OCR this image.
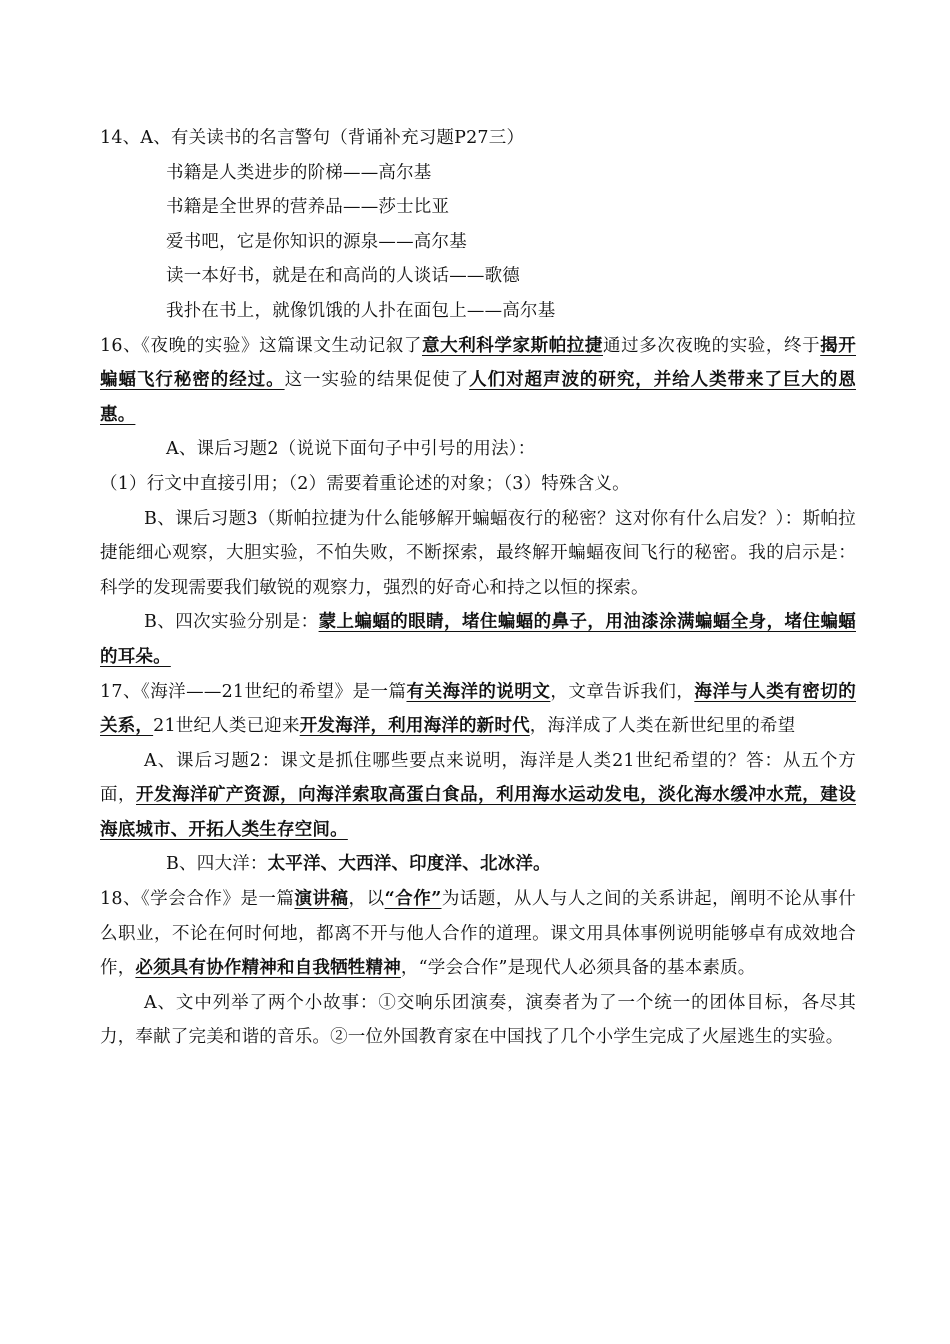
14、A、有关读书的名言警句（背诵补充习题P27三）

书籍是人类进步的阶梯——高尔基

书籍是全世界的营养品——莎士比亚

爱书吧，它是你知识的源泉——高尔基

读一本好书，就是在和高尚的人谈话——歌德

我扑在书上，就像饥饿的人扑在面包上——高尔基

16、《夜晚的实验》这篇课文生动记叙了意大利科学家斯帕拉捷通过多次夜晚的实验，终于揭开蝙蝠飞行秘密的经过。这一实验的结果促使了人们对超声波的研究，并给人类带来了巨大的恩惠。

A、课后习题2（说说下面句子中引号的用法）：

（1）行文中直接引用；（2）需要着重论述的对象；（3）特殊含义。

B、课后习题3（斯帕拉捷为什么能够解开蝙蝠夜行的秘密？这对你有什么启发？）：斯帕拉捷能细心观察，大胆实验，不怕失败，不断探索，最终解开蝙蝠夜间飞行的秘密。我的启示是：科学的发现需要我们敏锐的观察力，强烈的好奇心和持之以恒的探索。

B、四次实验分别是：蒙上蝙蝠的眼睛，堵住蝙蝠的鼻子，用油漆涂满蝙蝠全身，堵住蝙蝠的耳朵。

17、《海洋——21世纪的希望》是一篇有关海洋的说明文，文章告诉我们，海洋与人类有密切的关系，21世纪人类已迎来开发海洋，利用海洋的新时代，海洋成了人类在新世纪里的希望

A、课后习题2：课文是抓住哪些要点来说明，海洋是人类21世纪希望的？答：从五个方面，开发海洋矿产资源，向海洋索取高蛋白食品，利用海水运动发电，淡化海水缓冲水荒，建设海底城市、开拓人类生存空间。

B、四大洋：太平洋、大西洋、印度洋、北冰洋。

18、《学会合作》是一篇演讲稿，以“合作”为话题，从人与人之间的关系讲起，阐明不论从事什么职业，不论在何时何地，都离不开与他人合作的道理。课文用具体事例说明能够卓有成效地合作，必须具有协作精神和自我牺牲精神，“学会合作”是现代人必须具备的基本素质。

A、文中列举了两个小故事：①交响乐团演奏，演奏者为了一个统一的团体目标，各尽其力，奉献了完美和谐的音乐。②一位外国教育家在中国找了几个小学生完成了火屋逃生的实验。
